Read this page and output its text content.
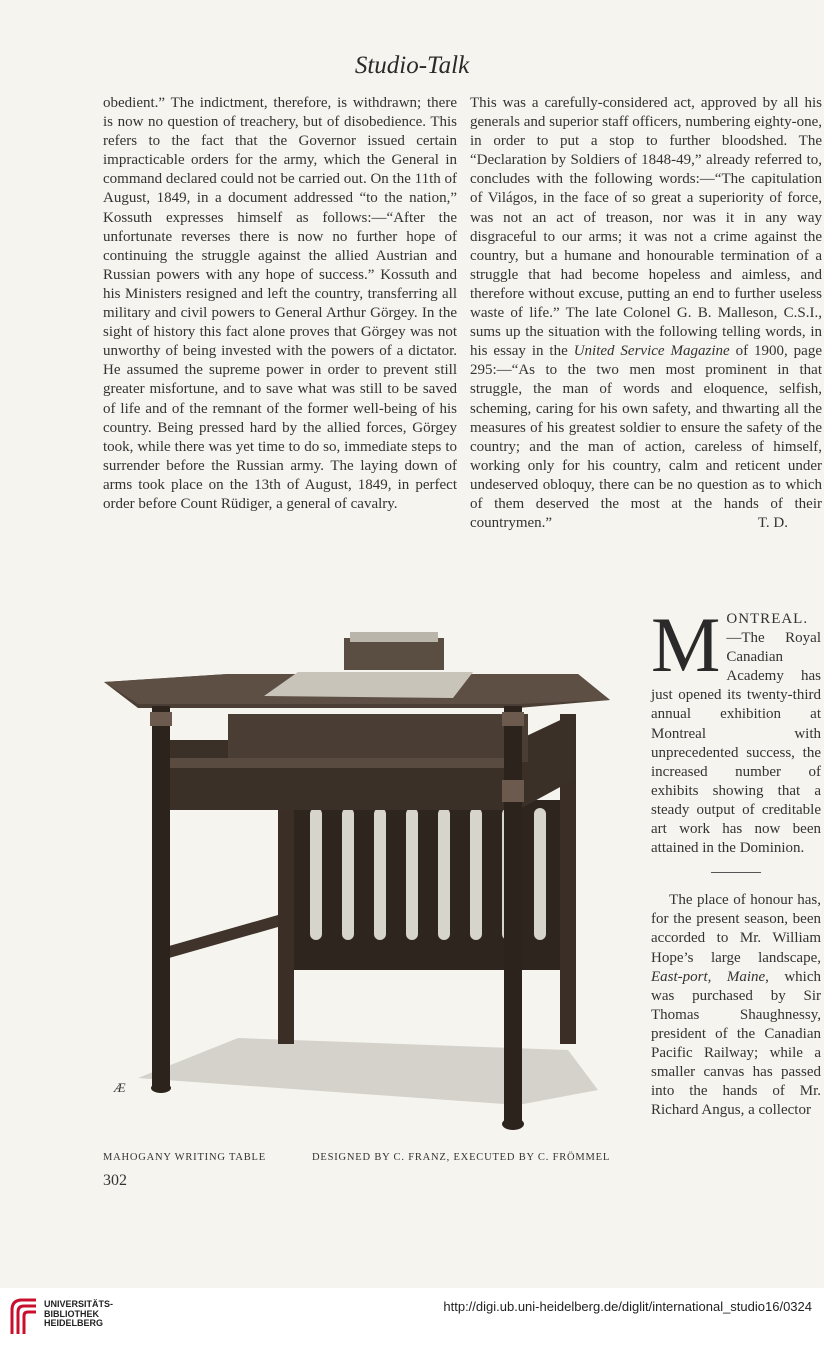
Studio-Talk

obedient.” The indictment, therefore, is withdrawn; there is now no question of treachery, but of disobedience. This refers to the fact that the Governor issued certain impracticable orders for the army, which the General in command declared could not be carried out. On the 11th of August, 1849, in a document addressed “to the nation,” Kossuth expresses himself as follows:—“After the unfortunate reverses there is now no further hope of continuing the struggle against the allied Austrian and Russian powers with any hope of success.” Kossuth and his Ministers resigned and left the country, transferring all military and civil powers to General Arthur Görgey. In the sight of history this fact alone proves that Görgey was not unworthy of being invested with the powers of a dictator. He assumed the supreme power in order to prevent still greater misfortune, and to save what was still to be saved of life and of the remnant of the former well-being of his country. Being pressed hard by the allied forces, Görgey took, while there was yet time to do so, immediate steps to surrender before the Russian army. The laying down of arms took place on the 13th of August, 1849, in perfect order before Count Rüdiger, a general of cavalry.

This was a carefully-considered act, approved by all his generals and superior staff officers, numbering eighty-one, in order to put a stop to further bloodshed. The “Declaration by Soldiers of 1848-49,” already referred to, concludes with the following words:—“The capitulation of Világos, in the face of so great a superiority of force, was not an act of treason, nor was it in any way disgraceful to our arms; it was not a crime against the country, but a humane and honourable termination of a struggle that had become hopeless and aimless, and therefore without excuse, putting an end to further useless waste of life.” The late Colonel G. B. Malleson, C.S.I., sums up the situation with the following telling words, in his essay in the United Service Magazine of 1900, page 295:—“As to the two men most prominent in that struggle, the man of words and eloquence, selfish, scheming, caring for his own safety, and thwarting all the measures of his greatest soldier to ensure the safety of the country; and the man of action, careless of himself, working only for his country, calm and reticent under undeserved obloquy, there can be no question as to which of them deserved the most at the hands of their countrymen.”	T. D.

MONTREAL.—The Royal Canadian Academy has just opened its twenty-third annual exhibition at Montreal with unprecedented success, the increased number of exhibits showing that a steady output of creditable art work has now been attained in the Dominion.

The place of honour has, for the present season, been accorded to Mr. William Hope’s large landscape, East-port, Maine, which was purchased by Sir Thomas Shaughnessy, president of the Canadian Pacific Railway; while a smaller canvas has passed into the hands of Mr. Richard Angus, a collector

Æ
MAHOGANY WRITING TABLE	DESIGNED BY C. FRANZ, EXECUTED BY C. FRÖMMEL
302
UNIVERSITÄTS-
BIBLIOTHEK
HEIDELBERG
http://digi.ub.uni-heidelberg.de/diglit/international_studio16/0324
